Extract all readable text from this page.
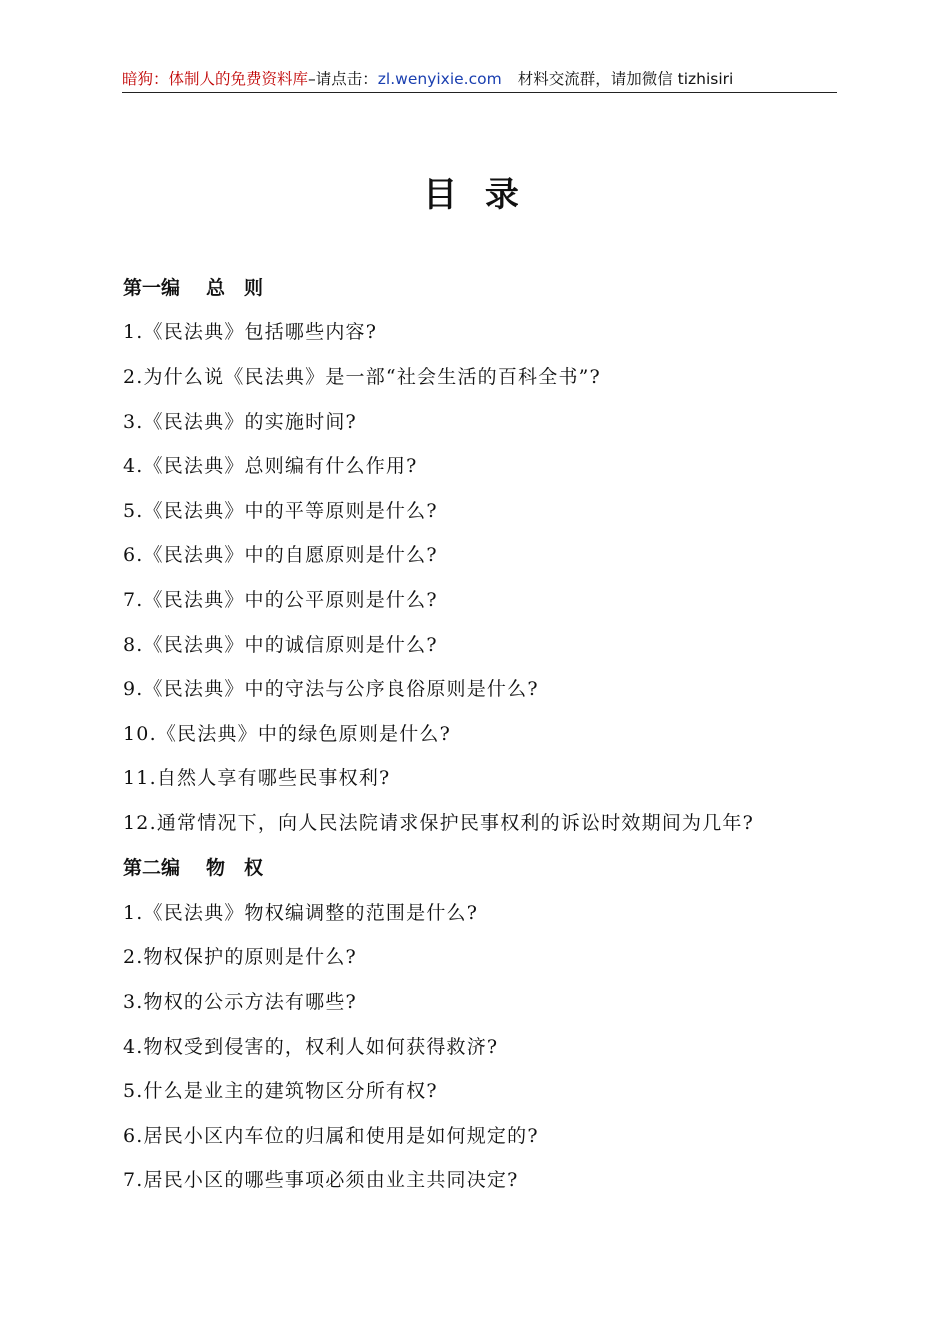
暗狗：体制人的免费资料库–请点击：zl.wenyixie.com 材料交流群，请加微信 tizhisiri
目 录
第一编 总　则
1.《民法典》包括哪些内容?
2.为什么说《民法典》是一部“社会生活的百科全书”?
3.《民法典》的实施时间?
4.《民法典》总则编有什么作用?
5.《民法典》中的平等原则是什么?
6.《民法典》中的自愿原则是什么?
7.《民法典》中的公平原则是什么?
8.《民法典》中的诚信原则是什么?
9.《民法典》中的守法与公序良俗原则是什么?
10.《民法典》中的绿色原则是什么?
11.自然人享有哪些民事权利?
12.通常情况下，向人民法院请求保护民事权利的诉讼时效期间为几年?
第二编 物　权
1.《民法典》物权编调整的范围是什么?
2.物权保护的原则是什么?
3.物权的公示方法有哪些?
4.物权受到侵害的，权利人如何获得救济?
5.什么是业主的建筑物区分所有权?
6.居民小区内车位的归属和使用是如何规定的?
7.居民小区的哪些事项必须由业主共同决定?
